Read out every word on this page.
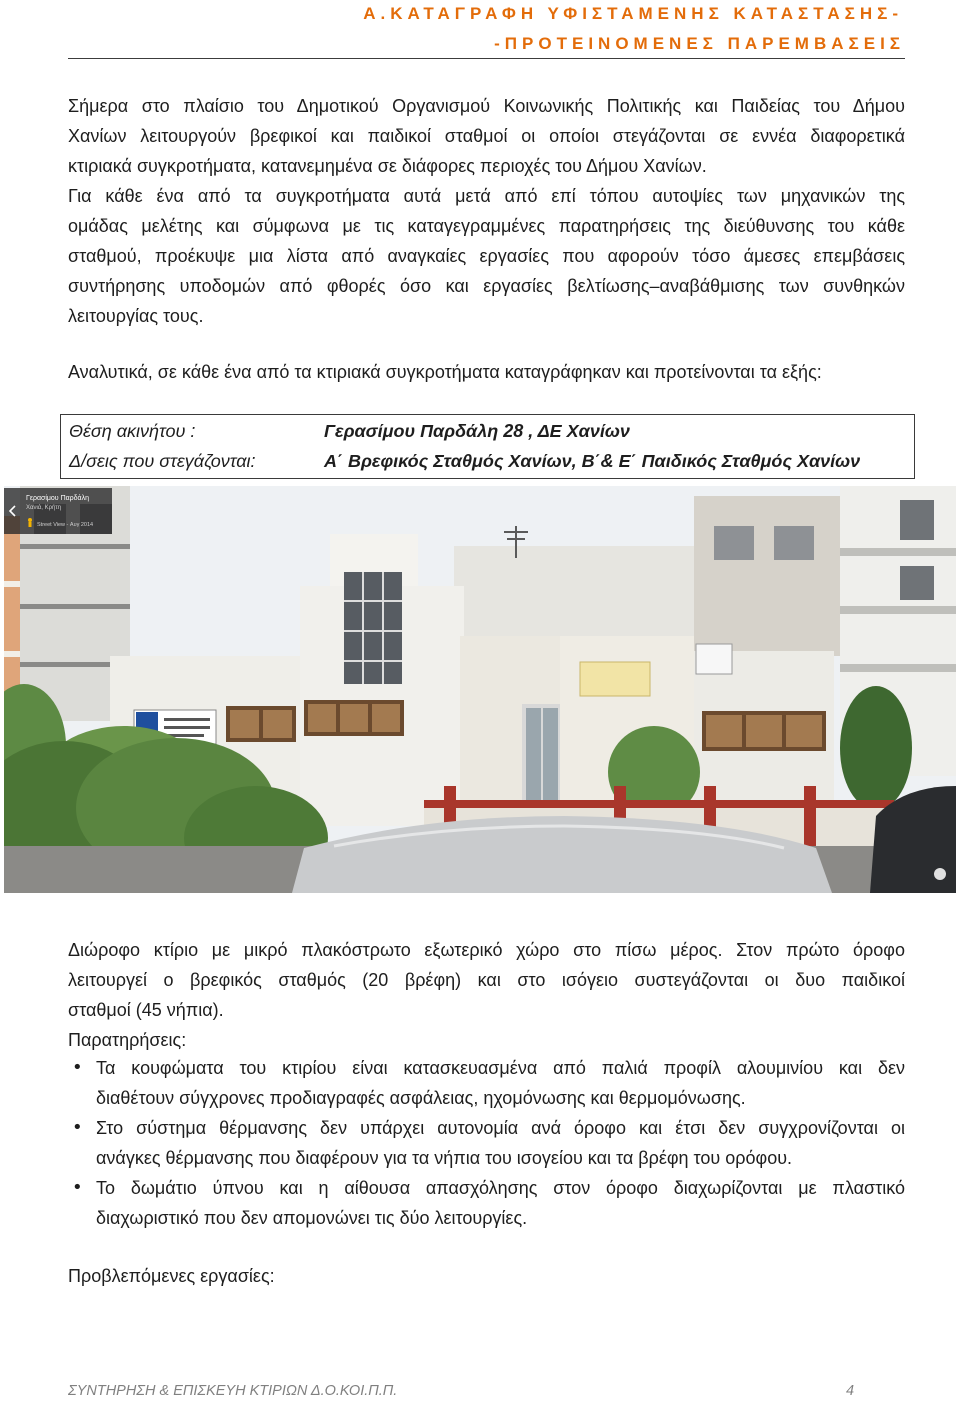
Α.ΚΑΤΑΓΡΑΦΗ ΥΦΙΣΤΑΜΕΝΗΣ ΚΑΤΑΣΤΑΣΗΣ-
-ΠΡΟΤΕΙΝΟΜΕΝΕΣ ΠΑΡΕΜΒΑΣΕΙΣ
Σήμερα στο πλαίσιο του Δημοτικού Οργανισμού Κοινωνικής Πολιτικής και Παιδείας του Δήμου
Χανίων λειτουργούν βρεφικοί και παιδικοί σταθμοί οι οποίοι στεγάζονται σε εννέα διαφορετικά
κτιριακά συγκροτήματα, κατανεμημένα σε διάφορες περιοχές του Δήμου Χανίων.
Για κάθε ένα από τα συγκροτήματα αυτά μετά από επί τόπου αυτοψίες των μηχανικών της
ομάδας μελέτης και σύμφωνα με τις καταγεγραμμένες παρατηρήσεις της διεύθυνσης του κάθε
σταθμού, προέκυψε μια λίστα από αναγκαίες εργασίες που αφορούν τόσο άμεσες επεμβάσεις
συντήρησης υποδομών από φθορές όσο και εργασίες βελτίωσης–αναβάθμισης των συνθηκών
λειτουργίας τους.
Αναλυτικά, σε κάθε ένα από τα κτιριακά συγκροτήματα καταγράφηκαν και προτείνονται τα εξής:
Θέση ακινήτου :	Γερασίμου Παρδάλη 28 , ΔΕ Χανίων
Δ/σεις που στεγάζονται:	Α΄ Βρεφικός Σταθμός Χανίων, Β΄& Ε΄ Παιδικός Σταθμός Χανίων
Γερασίμου Παρδάλη
Χανιά, Κρήτη
Street View - Αυγ 2014
Διώροφο κτίριο με μικρό πλακόστρωτο εξωτερικό χώρο στο πίσω μέρος. Στον πρώτο όροφο
λειτουργεί ο βρεφικός σταθμός (20 βρέφη) και στο ισόγειο συστεγάζονται οι δυο παιδικοί
σταθμοί (45 νήπια).
Παρατηρήσεις:
• Τα κουφώματα του κτιρίου είναι κατασκευασμένα από παλιά προφίλ αλουμινίου και δεν
διαθέτουν σύγχρονες προδιαγραφές ασφάλειας, ηχομόνωσης και θερμομόνωσης.
• Στο σύστημα θέρμανσης δεν υπάρχει αυτονομία ανά όροφο και έτσι δεν συγχρονίζονται οι
ανάγκες θέρμανσης που διαφέρουν για τα νήπια του ισογείου και τα βρέφη του ορόφου.
• Το δωμάτιο ύπνου και η αίθουσα απασχόλησης στον όροφο διαχωρίζονται με πλαστικό
διαχωριστικό που δεν απομονώνει τις δύο λειτουργίες.
Προβλεπόμενες εργασίες:
ΣΥΝΤΗΡΗΣΗ & ΕΠΙΣΚΕΥΗ ΚΤΙΡΙΩΝ Δ.Ο.ΚΟΙ.Π.Π.	4
